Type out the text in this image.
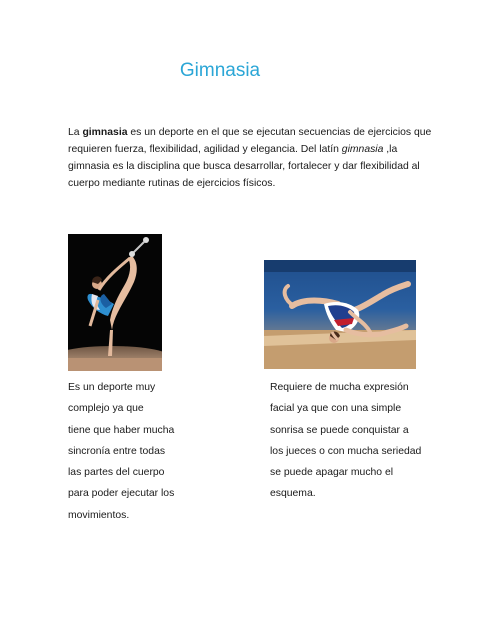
Gimnasia
La gimnasia es un deporte en el que se ejecutan secuencias de ejercicios que requieren fuerza, flexibilidad, agilidad y elegancia. Del latín gimnasia ,la gimnasia es la disciplina que busca desarrollar, fortalecer y dar flexibilidad al cuerpo mediante rutinas de ejercicios físicos.
Es un deporte muy
complejo ya que
tiene que haber mucha
sincronía entre todas
las partes del cuerpo
para poder ejecutar los
movimientos.
Requiere de mucha expresión
facial ya que con una simple
sonrisa se puede conquistar a
los jueces o con mucha seriedad
se puede apagar mucho el
esquema.
